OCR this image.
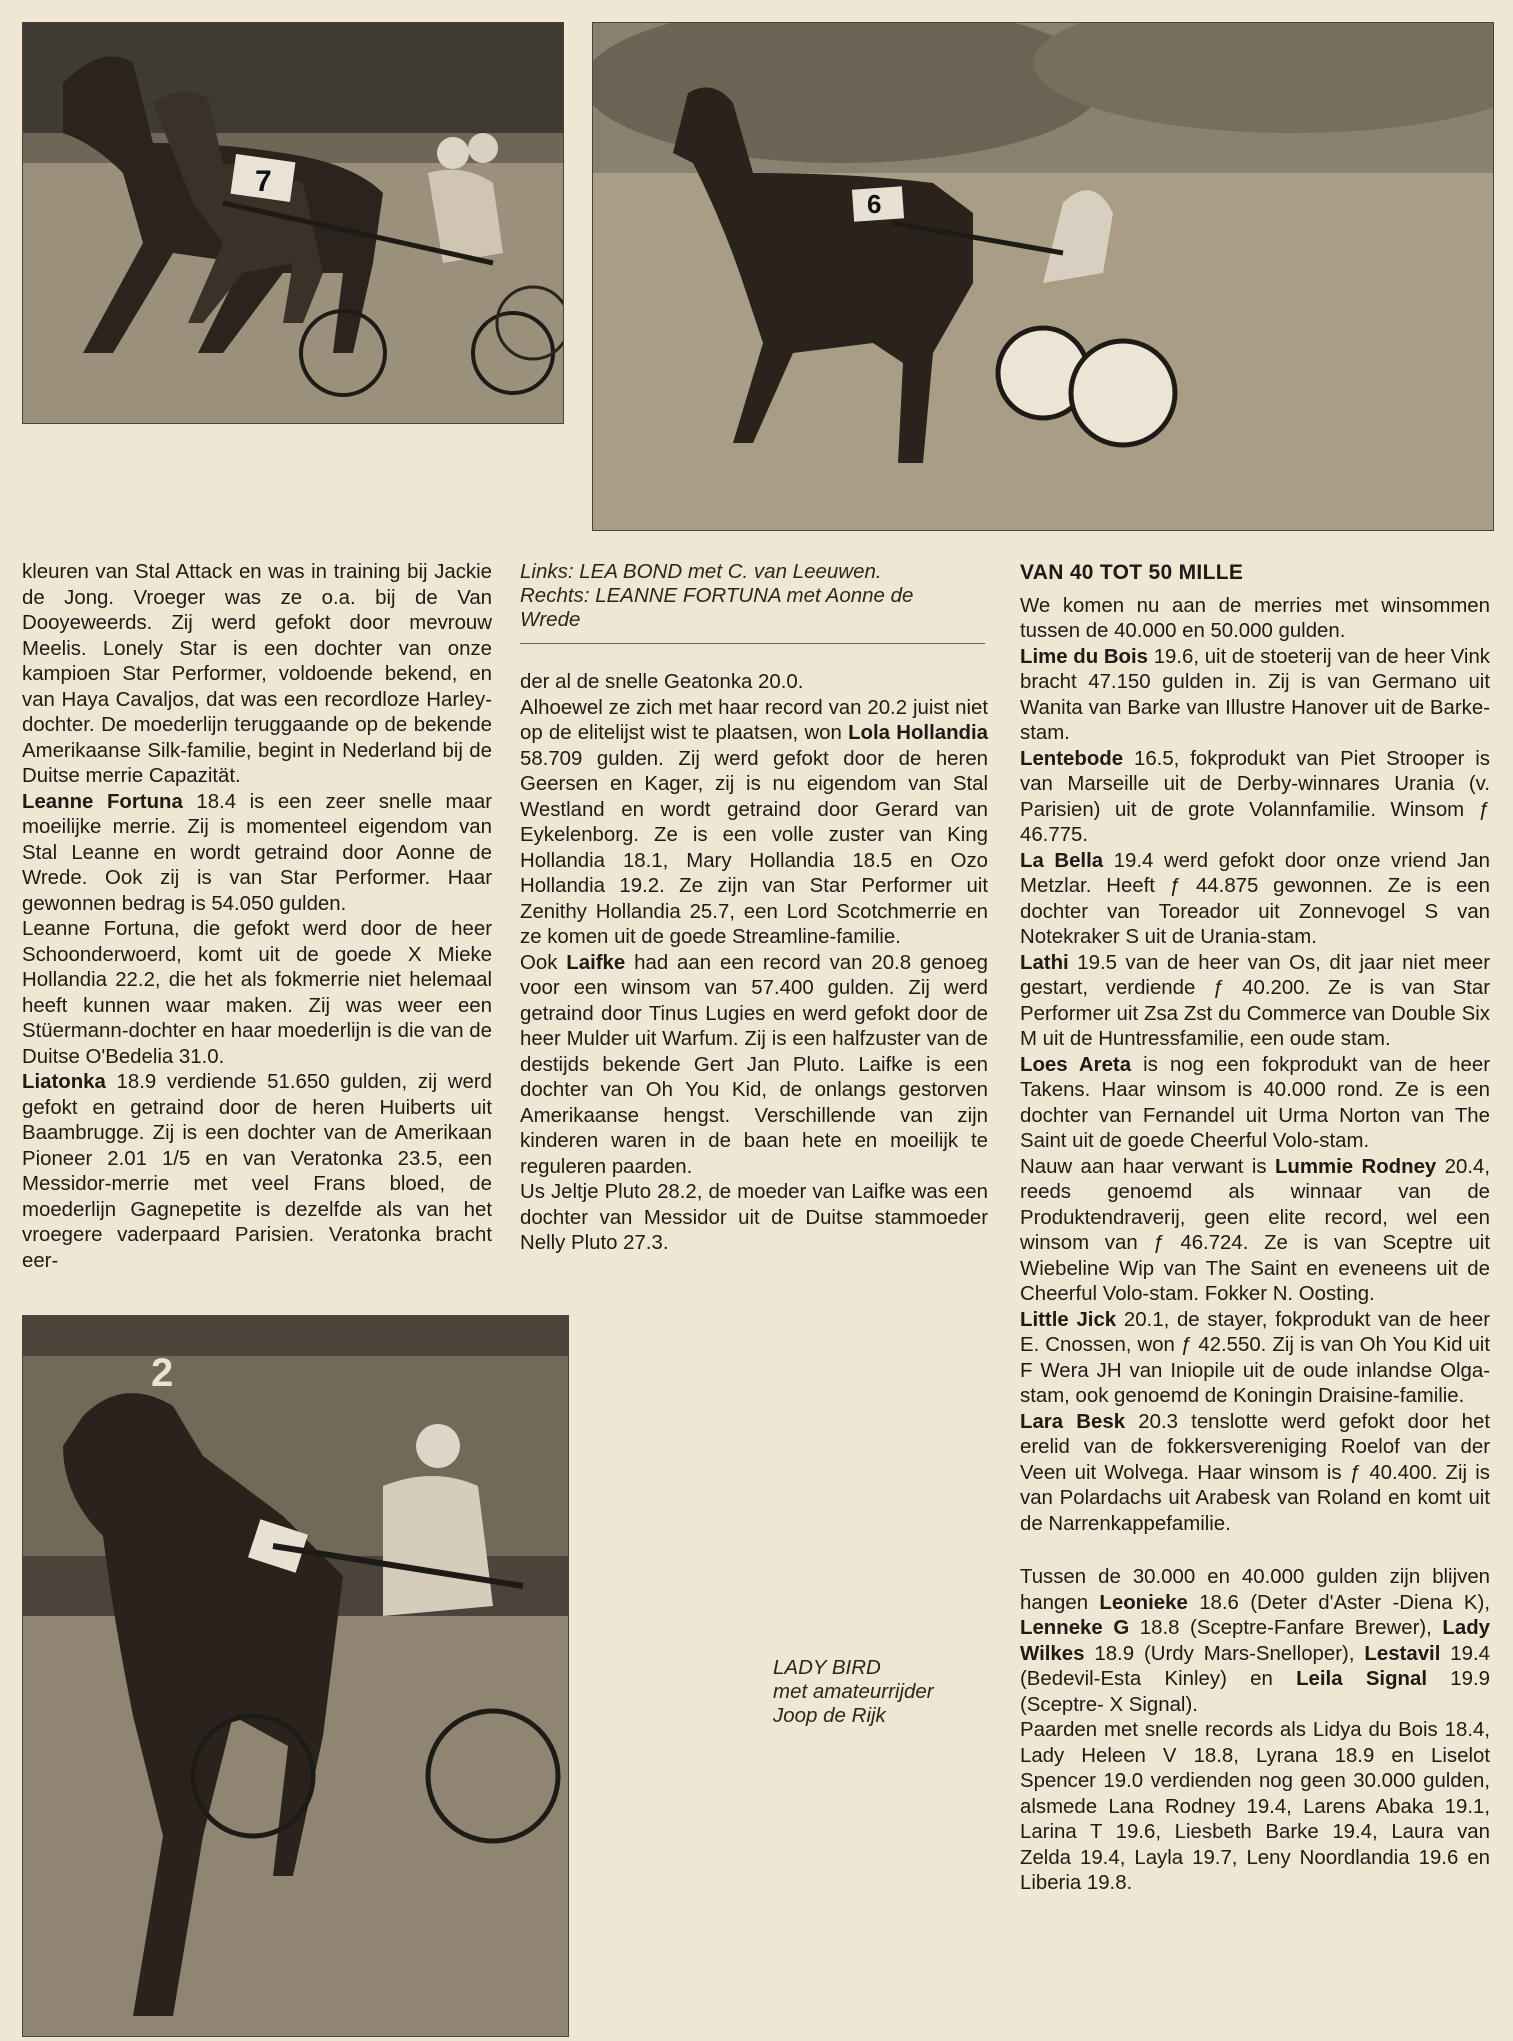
7
6
Links: LEA BOND met C. van Leeuwen.
Rechts: LEANNE FORTUNA met Aonne de
Wrede

kleuren van Stal Attack en was in training bij Jackie de Jong. Vroeger was ze o.a. bij de Van Dooyeweerds. Zij werd gefokt door mevrouw Meelis. Lonely Star is een dochter van onze kampioen Star Performer, voldoende bekend, en van Haya Cavaljos, dat was een recordloze Harley-dochter. De moederlijn teruggaande op de bekende Amerikaanse Silk-familie, begint in Nederland bij de Duitse merrie Capazität.

Leanne Fortuna 18.4 is een zeer snelle maar moeilijke merrie. Zij is momenteel eigendom van Stal Leanne en wordt getraind door Aonne de Wrede. Ook zij is van Star Performer. Haar gewonnen bedrag is 54.050 gulden.

Leanne Fortuna, die gefokt werd door de heer Schoonderwoerd, komt uit de goede X Mieke Hollandia 22.2, die het als fokmerrie niet helemaal heeft kunnen waar maken. Zij was weer een Stüermann-dochter en haar moederlijn is die van de Duitse O'Bedelia 31.0.

Liatonka 18.9 verdiende 51.650 gulden, zij werd gefokt en getraind door de heren Huiberts uit Baambrugge. Zij is een dochter van de Amerikaan Pioneer 2.01 1/5 en van Veratonka 23.5, een Messidor-merrie met veel Frans bloed, de moederlijn Gagnepetite is dezelfde als van het vroegere vaderpaard Parisien. Veratonka bracht eer-

der al de snelle Geatonka 20.0.

Alhoewel ze zich met haar record van 20.2 juist niet op de elitelijst wist te plaatsen, won Lola Hollandia 58.709 gulden. Zij werd gefokt door de heren Geersen en Kager, zij is nu eigendom van Stal Westland en wordt getraind door Gerard van Eykelenborg. Ze is een volle zuster van King Hollandia 18.1, Mary Hollandia 18.5 en Ozo Hollandia 19.2. Ze zijn van Star Performer uit Zenithy Hollandia 25.7, een Lord Scotchmerrie en ze komen uit de goede Streamline-familie.

Ook Laifke had aan een record van 20.8 genoeg voor een winsom van 57.400 gulden. Zij werd getraind door Tinus Lugies en werd gefokt door de heer Mulder uit Warfum. Zij is een halfzuster van de destijds bekende Gert Jan Pluto. Laifke is een dochter van Oh You Kid, de onlangs gestorven Amerikaanse hengst. Verschillende van zijn kinderen waren in de baan hete en moeilijk te reguleren paarden.

Us Jeltje Pluto 28.2, de moeder van Laifke was een dochter van Messidor uit de Duitse stammoeder Nelly Pluto 27.3.

VAN 40 TOT 50 MILLE

We komen nu aan de merries met winsommen tussen de 40.000 en 50.000 gulden.

Lime du Bois 19.6, uit de stoeterij van de heer Vink bracht 47.150 gulden in. Zij is van Germano uit Wanita van Barke van Illustre Hanover uit de Barke-stam.

Lentebode 16.5, fokprodukt van Piet Strooper is van Marseille uit de Derby-winnares Urania (v. Parisien) uit de grote Volannfamilie. Winsom ƒ 46.775.

La Bella 19.4 werd gefokt door onze vriend Jan Metzlar. Heeft ƒ 44.875 gewonnen. Ze is een dochter van Toreador uit Zonnevogel S van Notekraker S uit de Urania-stam.

Lathi 19.5 van de heer van Os, dit jaar niet meer gestart, verdiende ƒ 40.200. Ze is van Star Performer uit Zsa Zst du Commerce van Double Six M uit de Huntressfamilie, een oude stam.

Loes Areta is nog een fokprodukt van de heer Takens. Haar winsom is 40.000 rond. Ze is een dochter van Fernandel uit Urma Norton van The Saint uit de goede Cheerful Volo-stam.

Nauw aan haar verwant is Lummie Rodney 20.4, reeds genoemd als winnaar van de Produktendraverij, geen elite record, wel een winsom van ƒ 46.724. Ze is van Sceptre uit Wiebeline Wip van The Saint en eveneens uit de Cheerful Volo-stam. Fokker N. Oosting.

Little Jick 20.1, de stayer, fokprodukt van de heer E. Cnossen, won ƒ 42.550. Zij is van Oh You Kid uit F Wera JH van Iniopile uit de oude inlandse Olga-stam, ook genoemd de Koningin Draisine-familie.

Lara Besk 20.3 tenslotte werd gefokt door het erelid van de fokkersvereniging Roelof van der Veen uit Wolvega. Haar winsom is ƒ 40.400. Zij is van Polardachs uit Arabesk van Roland en komt uit de Narrenkappefamilie.

Tussen de 30.000 en 40.000 gulden zijn blijven hangen Leonieke 18.6 (Deter d'Aster -Diena K), Lenneke G 18.8 (Sceptre-Fanfare Brewer), Lady Wilkes 18.9 (Urdy Mars-Snelloper), Lestavil 19.4 (Bedevil-Esta Kinley) en Leila Signal 19.9 (Sceptre- X Signal).

Paarden met snelle records als Lidya du Bois 18.4, Lady Heleen V 18.8, Lyrana 18.9 en Liselot Spencer 19.0 verdienden nog geen 30.000 gulden, alsmede Lana Rodney 19.4, Larens Abaka 19.1, Larina T 19.6, Liesbeth Barke 19.4, Laura van Zelda 19.4, Layla 19.7, Leny Noordlandia 19.6 en Liberia 19.8.

2
LADY BIRD
met amateurrijder
Joop de Rijk
